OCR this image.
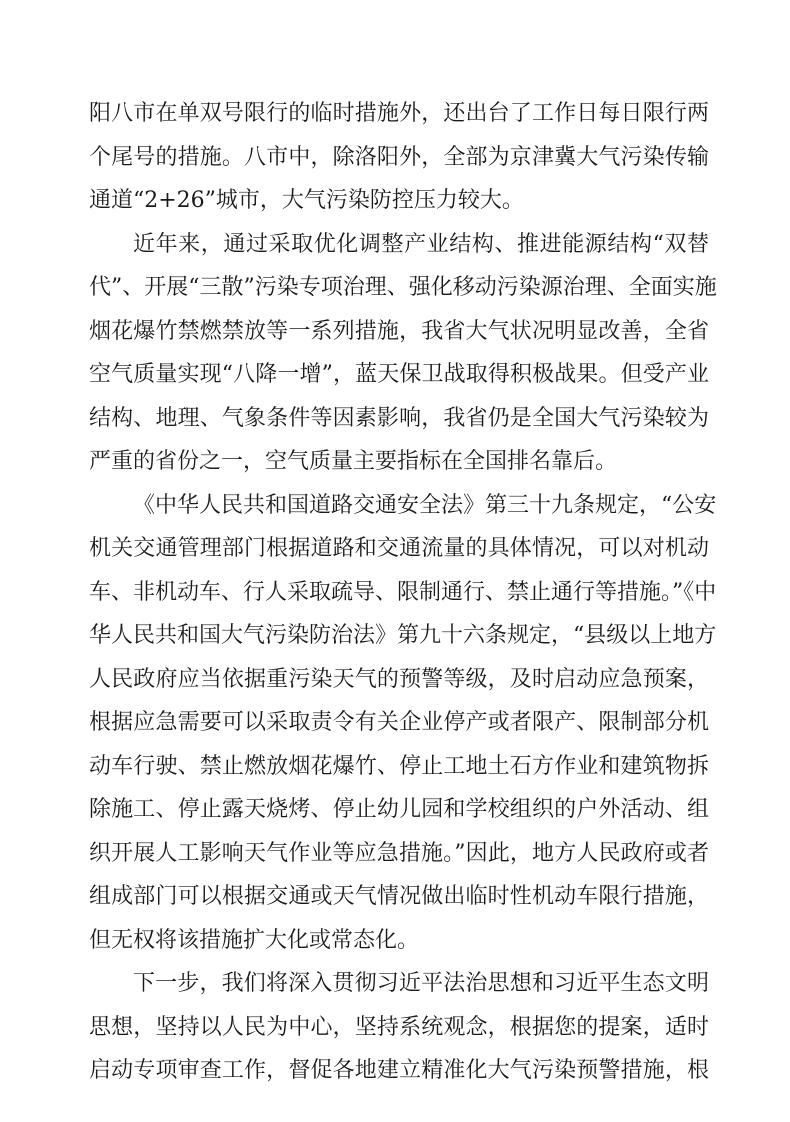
阳八市在单双号限行的临时措施外，还出台了工作日每日限行两
个尾号的措施。八市中，除洛阳外，全部为京津冀大气污染传输
通道“2+26”城市，大气污染防控压力较大。
近年来，通过采取优化调整产业结构、推进能源结构“双替
代”、开展“三散”污染专项治理、强化移动污染源治理、全面实施
烟花爆竹禁燃禁放等一系列措施，我省大气状况明显改善，全省
空气质量实现“八降一增”，蓝天保卫战取得积极战果。但受产业
结构、地理、气象条件等因素影响，我省仍是全国大气污染较为
严重的省份之一，空气质量主要指标在全国排名靠后。
《中华人民共和国道路交通安全法》第三十九条规定，“公安
机关交通管理部门根据道路和交通流量的具体情况，可以对机动
车、非机动车、行人采取疏导、限制通行、禁止通行等措施。”《中
华人民共和国大气污染防治法》第九十六条规定，“县级以上地方
人民政府应当依据重污染天气的预警等级，及时启动应急预案，
根据应急需要可以采取责令有关企业停产或者限产、限制部分机
动车行驶、禁止燃放烟花爆竹、停止工地土石方作业和建筑物拆
除施工、停止露天烧烤、停止幼儿园和学校组织的户外活动、组
织开展人工影响天气作业等应急措施。”因此，地方人民政府或者
组成部门可以根据交通或天气情况做出临时性机动车限行措施，
但无权将该措施扩大化或常态化。
下一步，我们将深入贯彻习近平法治思想和习近平生态文明
思想，坚持以人民为中心，坚持系统观念，根据您的提案，适时
启动专项审查工作，督促各地建立精准化大气污染预警措施，根
